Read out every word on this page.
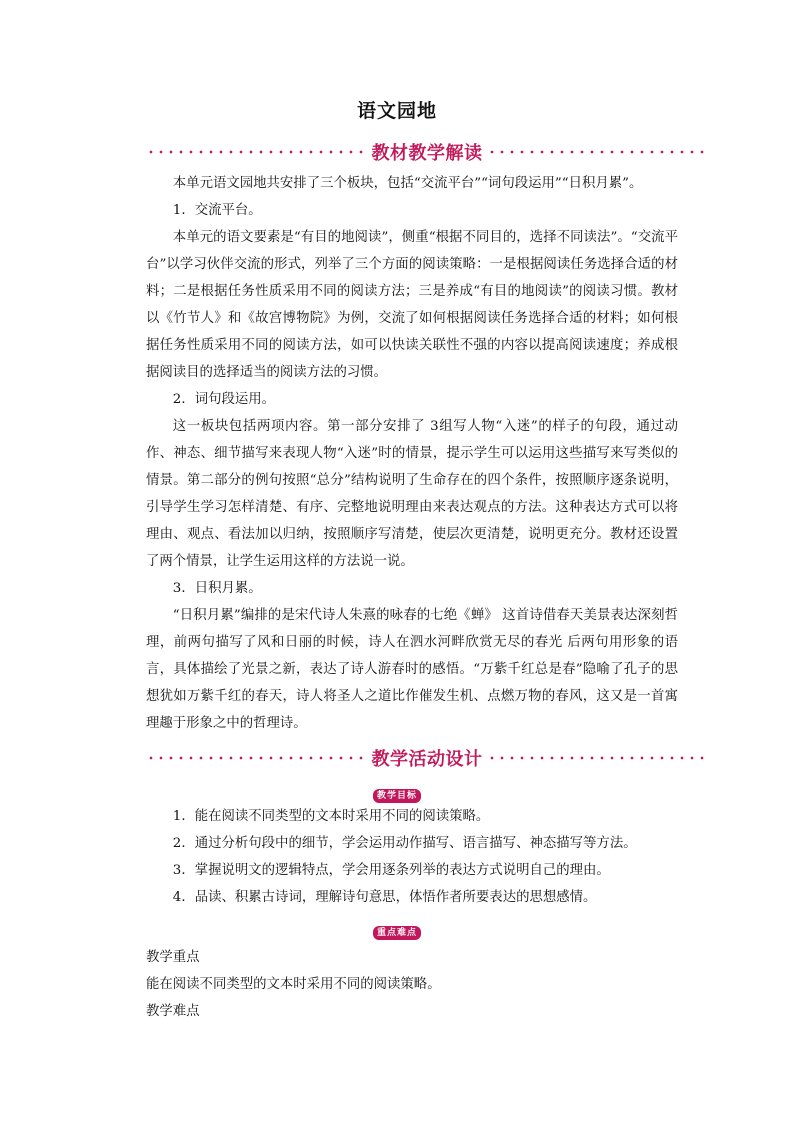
语文园地
教材教学解读

本单元语文园地共安排了三个板块，包括“交流平台”“词句段运用”“日积月累”。

1．交流平台。

本单元的语文要素是“有目的地阅读”，侧重“根据不同目的，选择不同读法”。“交流平台”以学习伙伴交流的形式，列举了三个方面的阅读策略：一是根据阅读任务选择合适的材料；二是根据任务性质采用不同的阅读方法；三是养成“有目的地阅读”的阅读习惯。教材以《竹节人》和《故宫博物院》为例，交流了如何根据阅读任务选择合适的材料；如何根据任务性质采用不同的阅读方法，如可以快读关联性不强的内容以提高阅读速度；养成根据阅读目的选择适当的阅读方法的习惯。

2．词句段运用。

这一板块包括两项内容。第一部分安排了 3组写人物“入迷”的样子的句段，通过动作、神态、细节描写来表现人物“入迷”时的情景，提示学生可以运用这些描写来写类似的情景。第二部分的例句按照“总分”结构说明了生命存在的四个条件，按照顺序逐条说明，引导学生学习怎样清楚、有序、完整地说明理由来表达观点的方法。这种表达方式可以将理由、观点、看法加以归纳，按照顺序写清楚，使层次更清楚，说明更充分。教材还设置了两个情景，让学生运用这样的方法说一说。

3．日积月累。

“日积月累”编排的是宋代诗人朱熹的咏春的七绝《蝉》 这首诗借春天美景表达深刻哲理，前两句描写了风和日丽的时候，诗人在泗水河畔欣赏无尽的春光 后两句用形象的语言，具体描绘了光景之新，表达了诗人游春时的感悟。“万紫千红总是春”隐喻了孔子的思想犹如万紫千红的春天，诗人将圣人之道比作催发生机、点燃万物的春风，这又是一首寓理趣于形象之中的哲理诗。

教学活动设计
教学目标

1．能在阅读不同类型的文本时采用不同的阅读策略。

2．通过分析句段中的细节，学会运用动作描写、语言描写、神态描写等方法。

3．掌握说明文的逻辑特点，学会用逐条列举的表达方式说明自己的理由。

4．品读、积累古诗词，理解诗句意思，体悟作者所要表达的思想感情。

重点难点

教学重点

能在阅读不同类型的文本时采用不同的阅读策略。

教学难点
